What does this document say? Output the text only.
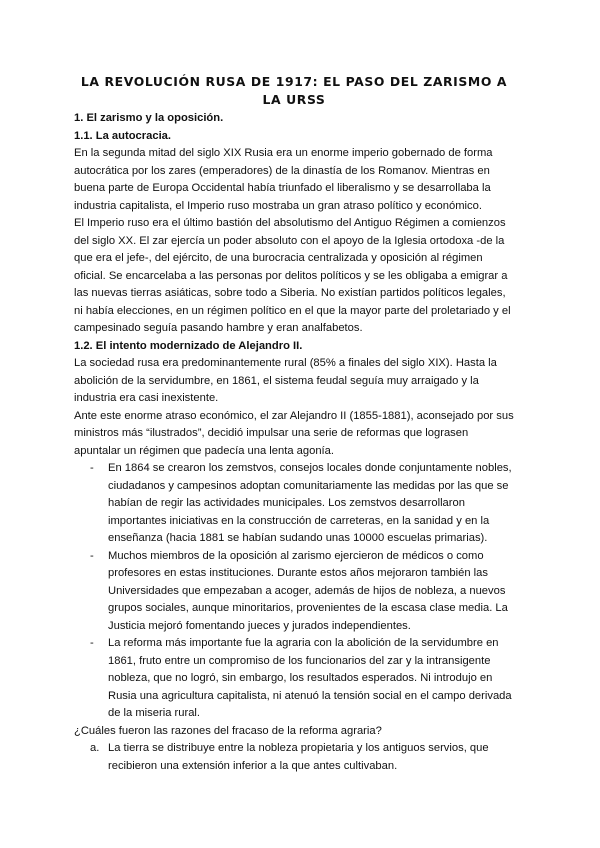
LA REVOLUCIÓN RUSA DE 1917: EL PASO DEL ZARISMO A LA URSS

1. El zarismo y la oposición.

1.1. La autocracia.

En la segunda mitad del siglo XIX Rusia era un enorme imperio gobernado de forma autocrática por los zares (emperadores) de la dinastía de los Romanov. Mientras en buena parte de Europa Occidental había triunfado el liberalismo y se desarrollaba la industria capitalista, el Imperio ruso mostraba un gran atraso político y económico.

El Imperio ruso era el último bastión del absolutismo del Antiguo Régimen a comienzos del siglo XX. El zar ejercía un poder absoluto con el apoyo de la Iglesia ortodoxa -de la que era el jefe-, del ejército, de una burocracia centralizada y oposición al régimen oficial. Se encarcelaba a las personas por delitos políticos y se les obligaba a emigrar a las nuevas tierras asiáticas, sobre todo a Siberia. No existían partidos políticos legales, ni había elecciones, en un régimen político en el que la mayor parte del proletariado y el campesinado seguía pasando hambre y eran analfabetos.

1.2. El intento modernizado de Alejandro II.

La sociedad rusa era predominantemente rural (85% a finales del siglo XIX). Hasta la abolición de la servidumbre, en 1861, el sistema feudal seguía muy arraigado y la industria era casi inexistente.

Ante este enorme atraso económico, el zar Alejandro II (1855-1881), aconsejado por sus ministros más “ilustrados”, decidió impulsar una serie de reformas que lograsen apuntalar un régimen que padecía una lenta agonía.

- En 1864 se crearon los zemstvos, consejos locales donde conjuntamente nobles, ciudadanos y campesinos adoptan comunitariamente las medidas por las que se habían de regir las actividades municipales. Los zemstvos desarrollaron importantes iniciativas en la construcción de carreteras, en la sanidad y en la enseñanza (hacia 1881 se habían sudando unas 10000 escuelas primarias).
- Muchos miembros de la oposición al zarismo ejercieron de médicos o como profesores en estas instituciones. Durante estos años mejoraron también las Universidades que empezaban a acoger, además de hijos de nobleza, a nuevos grupos sociales, aunque minoritarios, provenientes de la escasa clase media. La Justicia mejoró fomentando jueces y jurados independientes.
- La reforma más importante fue la agraria con la abolición de la servidumbre en 1861, fruto entre un compromiso de los funcionarios del zar y la intransigente nobleza, que no logró, sin embargo, los resultados esperados. Ni introdujo en Rusia una agricultura capitalista, ni atenuó la tensión social en el campo derivada de la miseria rural.

¿Cuáles fueron las razones del fracaso de la reforma agraria?

a. La tierra se distribuye entre la nobleza propietaria y los antiguos servios, que recibieron una extensión inferior a la que antes cultivaban.
